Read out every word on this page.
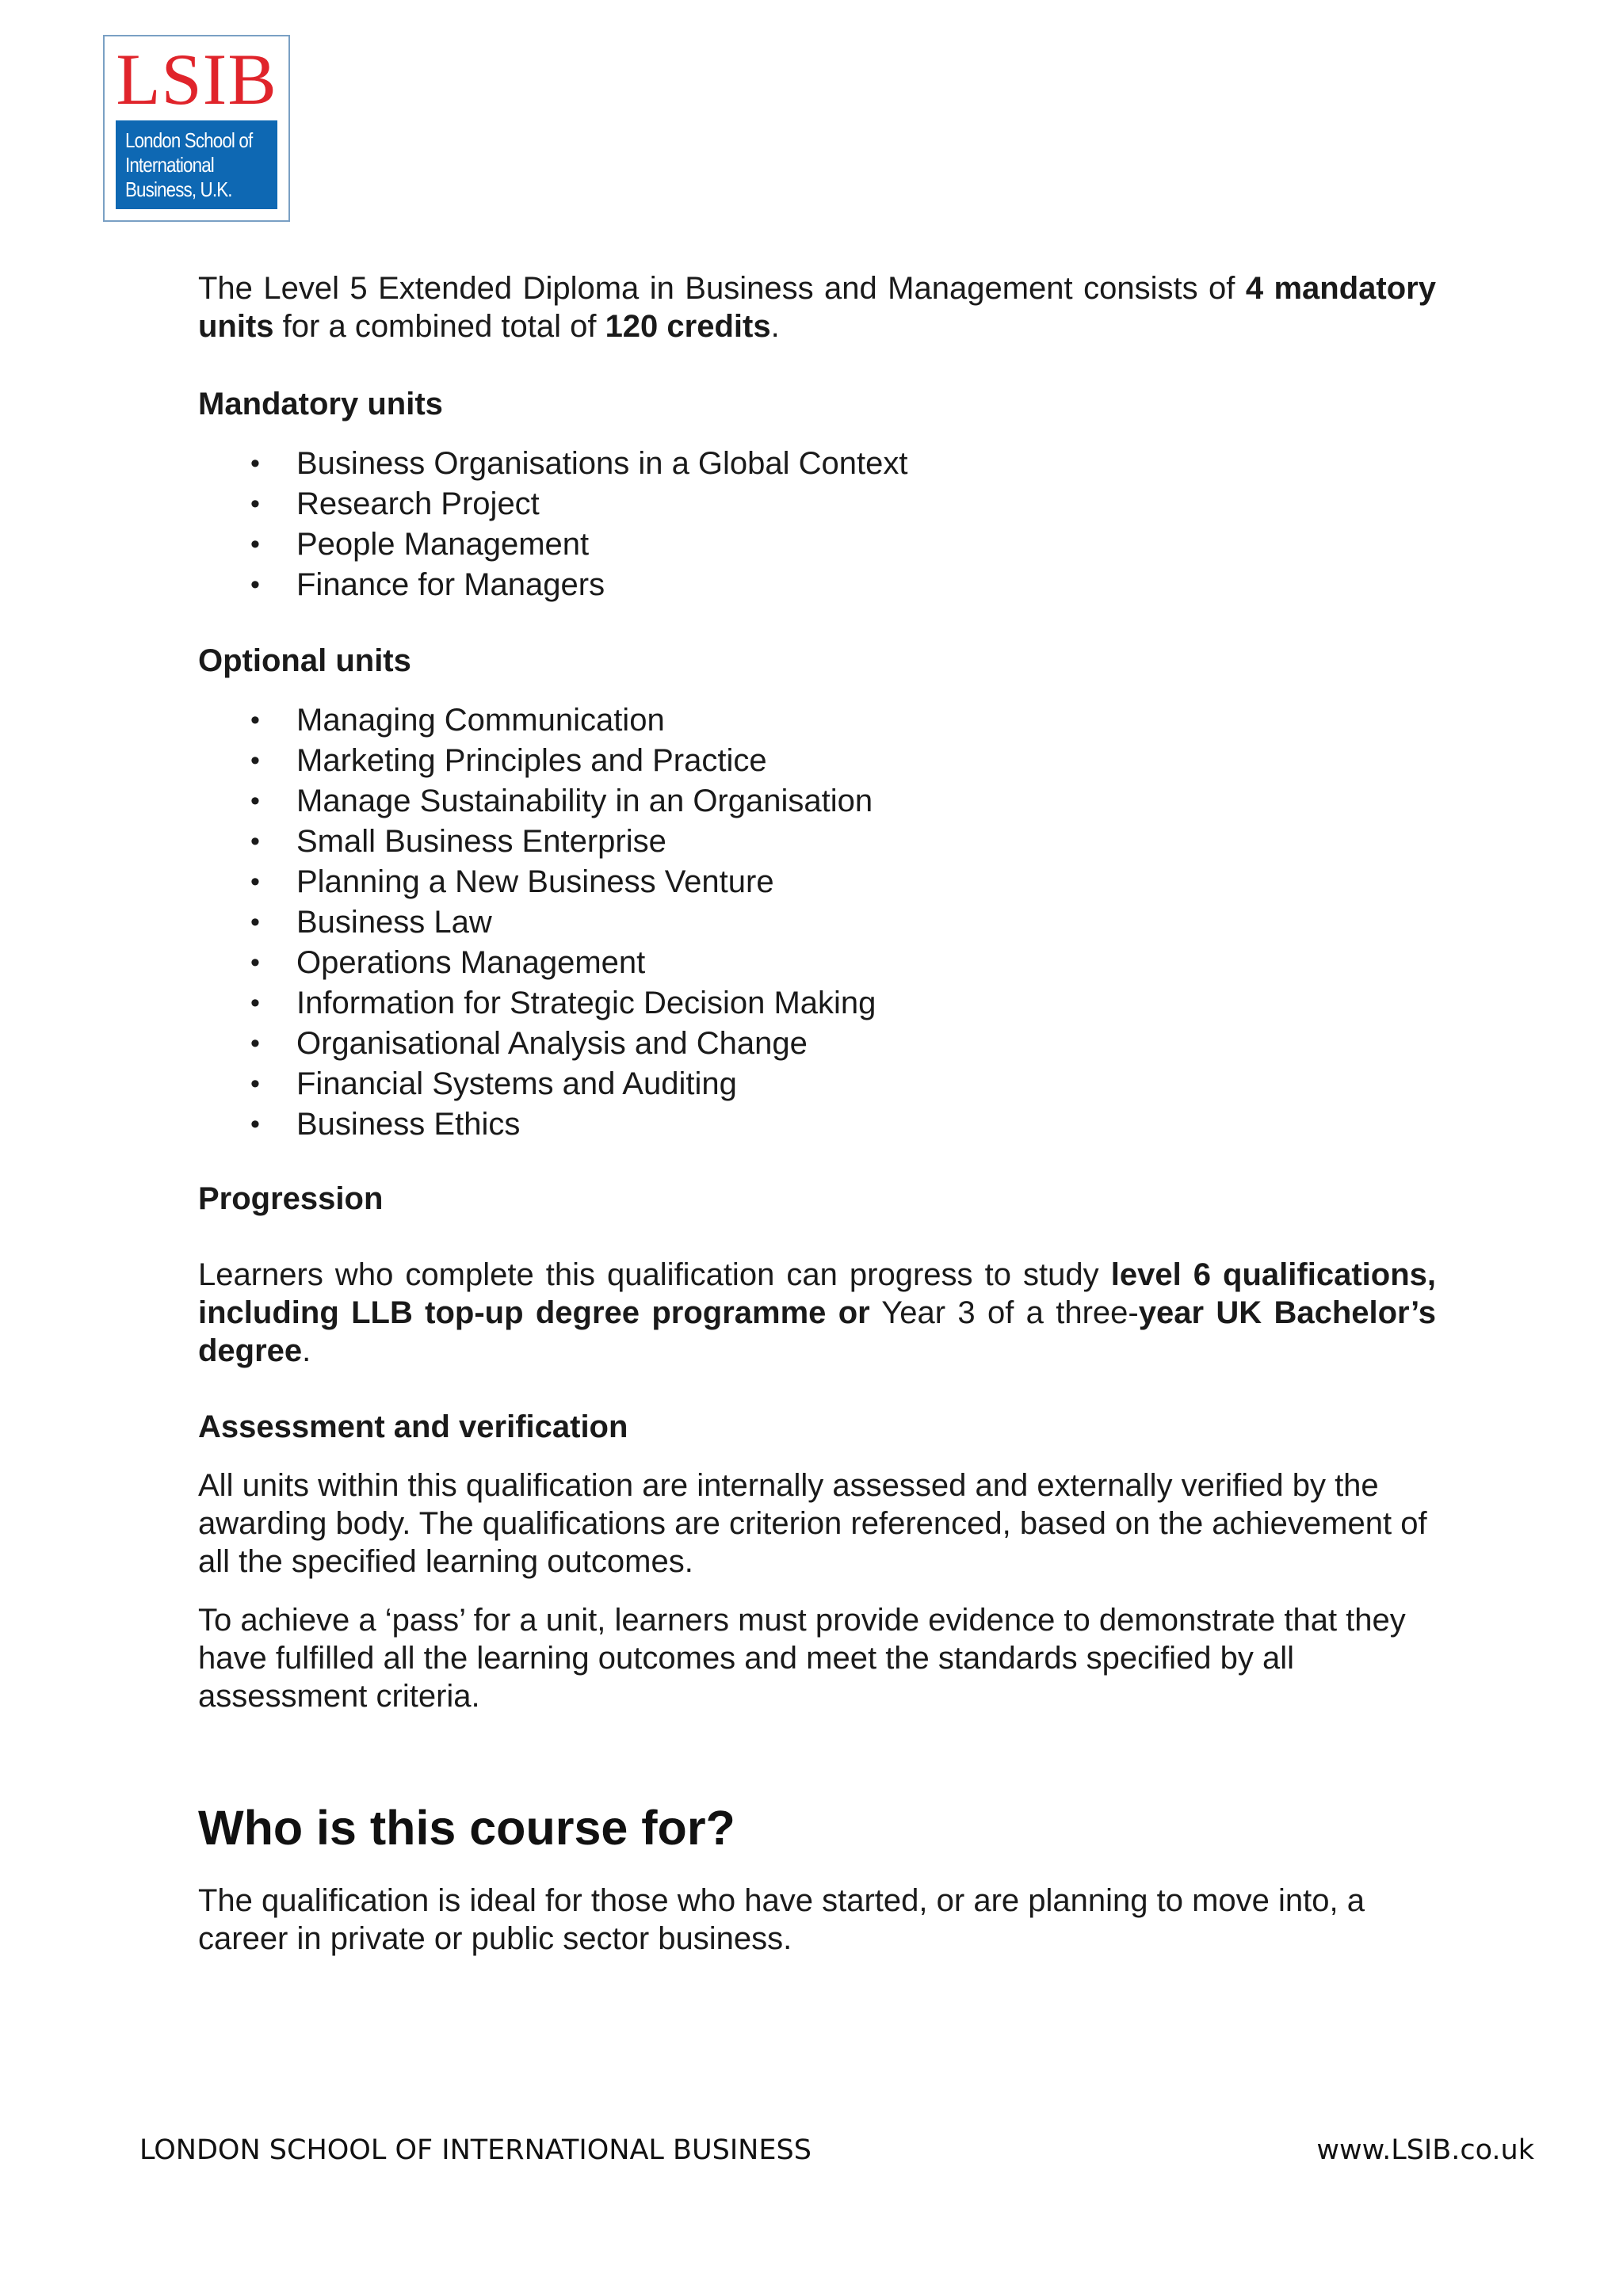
LSIB
London School of
International
Business, U.K.

The Level 5 Extended Diploma in Business and Management consists of 4 mandatory units for a combined total of 120 credits.

Mandatory units
• Business Organisations in a Global Context
• Research Project
• People Management
• Finance for Managers
Optional units
• Managing Communication
• Marketing Principles and Practice
• Manage Sustainability in an Organisation
• Small Business Enterprise
• Planning a New Business Venture
• Business Law
• Operations Management
• Information for Strategic Decision Making
• Organisational Analysis and Change
• Financial Systems and Auditing
• Business Ethics
Progression

Learners who complete this qualification can progress to study level 6 qualifications, including LLB top-up degree programme or Year 3 of a three-year UK Bachelor’s degree.

Assessment and verification

All units within this qualification are internally assessed and externally verified by the awarding body. The qualifications are criterion referenced, based on the achievement of all the specified learning outcomes.

To achieve a ‘pass’ for a unit, learners must provide evidence to demonstrate that they have fulfilled all the learning outcomes and meet the standards specified by all assessment criteria.

Who is this course for?

The qualification is ideal for those who have started, or are planning to move into, a career in private or public sector business.

LONDON SCHOOL OF INTERNATIONAL BUSINESS	www.LSIB.co.uk
